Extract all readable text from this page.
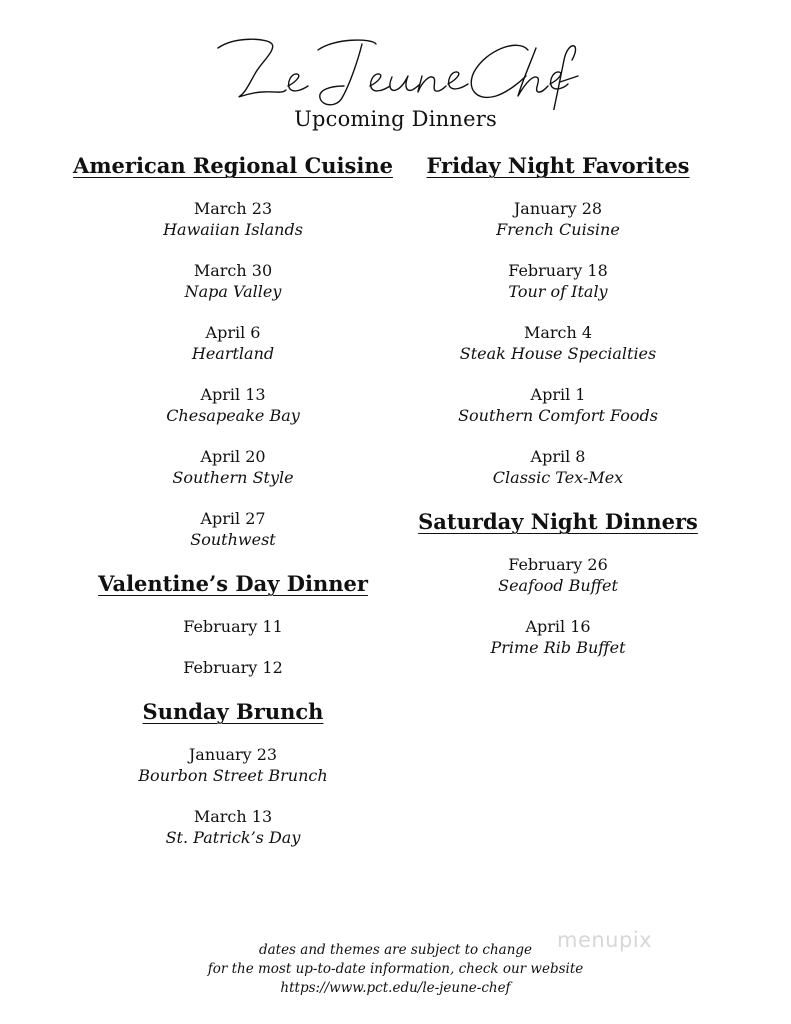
Upcoming Dinners
American Regional Cuisine
March 23
Hawaiian Islands
March 30
Napa Valley
April 6
Heartland
April 13
Chesapeake Bay
April 20
Southern Style
April 27
Southwest
Valentine’s Day Dinner
February 11
February 12
Sunday Brunch
January 23
Bourbon Street Brunch
March 13
St. Patrick’s Day
Friday Night Favorites
January 28
French Cuisine
February 18
Tour of Italy
March 4
Steak House Specialties
April 1
Southern Comfort Foods
April 8
Classic Tex-Mex
Saturday Night Dinners
February 26
Seafood Buffet
April 16
Prime Rib Buffet
menupix
dates and themes are subject to change
for the most up-to-date information, check our website
https://www.pct.edu/le-jeune-chef
